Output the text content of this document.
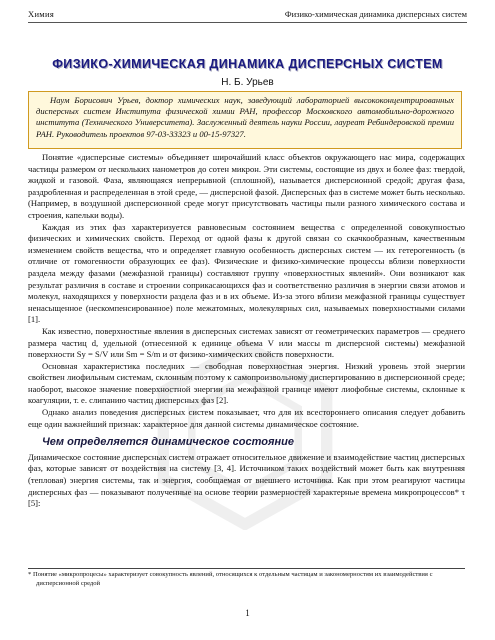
Химия	Физико-химическая динамика дисперсных систем
ФИЗИКО-ХИМИЧЕСКАЯ ДИНАМИКА ДИСПЕРСНЫХ СИСТЕМ
Н. Б. Урьев
Наум Борисович Урьев, доктор химических наук, заведующий лабораторией высококонцентрированных дисперсных систем Института физической химии РАН, профессор Московского автомобильно-дорожного института (Технического Университета). Заслуженный деятель науки России, лауреат Ребиндеровской премии РАН. Руководитель проектов 97-03-33323 и 00-15-97327.

Понятие «дисперсные системы» объединяет широчайший класс объектов окружающего нас мира, содержащих частицы размером от нескольких нанометров до сотен микрон. Эти системы, состоящие из двух и более фаз: твердой, жидкой и газовой. Фаза, являющаяся непрерывной (сплошной), называется дисперсионной средой; другая фаза, раздробленная и распределенная в этой среде, — дисперсной фазой. Дисперсных фаз в системе может быть несколько. (Например, в воздушной дисперсионной среде могут присутствовать частицы пыли разного химического состава и строения, капельки воды).

Каждая из этих фаз характеризуется равновесным состоянием вещества с определенной совокупностью физических и химических свойств. Переход от одной фазы к другой связан со скачкообразным, качественным изменением свойств вещества, что и определяет главную особенность дисперсных систем — их гетерогенность (в отличие от гомогенности образующих ее фаз). Физические и физико-химические процессы вблизи поверхности раздела между фазами (межфазной границы) составляют группу «поверхностных явлений». Они возникают как результат различия в составе и строении соприкасающихся фаз и соответственно различия в энергии связи атомов и молекул, находящихся у поверхности раздела фаз и в их объеме. Из-за этого вблизи межфазной границы существует ненасыщенное (нескомпенсированное) поле межатомных, молекулярных сил, называемых поверхностными силами [1].

Как известно, поверхностные явления в дисперсных системах зависят от геометрических параметров — среднего размера частиц d, удельной (отнесенной к единице объема V или массы m дисперсной системы) межфазной поверхности Sу = S/V или Sm = S/m и от физико-химических свойств поверхности.

Основная характеристика последних — свободная поверхностная энергия. Низкий уровень этой энергии свойствен лиофильным системам, склонным поэтому к самопроизвольному диспергированию в дисперсионной среде; наоборот, высокое значение поверхностной энергии на межфазной границе имеют лиофобные системы, склонные к коагуляции, т. е. слипанию частиц дисперсных фаз [2].

Однако анализ поведения дисперсных систем показывает, что для их всестороннего описания следует добавить еще один важнейший признак: характерное для данной системы динамическое состояние.

Чем определяется динамическое состояние

Динамическое состояние дисперсных систем отражает относительное движение и взаимодействие частиц дисперсных фаз, которые зависят от воздействия на систему [3, 4]. Источником таких воздействий может быть как внутренняя (тепловая) энергия системы, так и энергия, сообщаемая от внешнего источника. Как при этом реагируют частицы дисперсных фаз — показывают полученные на основе теории размерностей характерные времена микропроцессов* τ [5]:

* Понятие «микропроцесы» характеризует совокупность явлений, относящихся к отдельным частицам и закономерностям их взаимодействия с дисперсионной средой
1
